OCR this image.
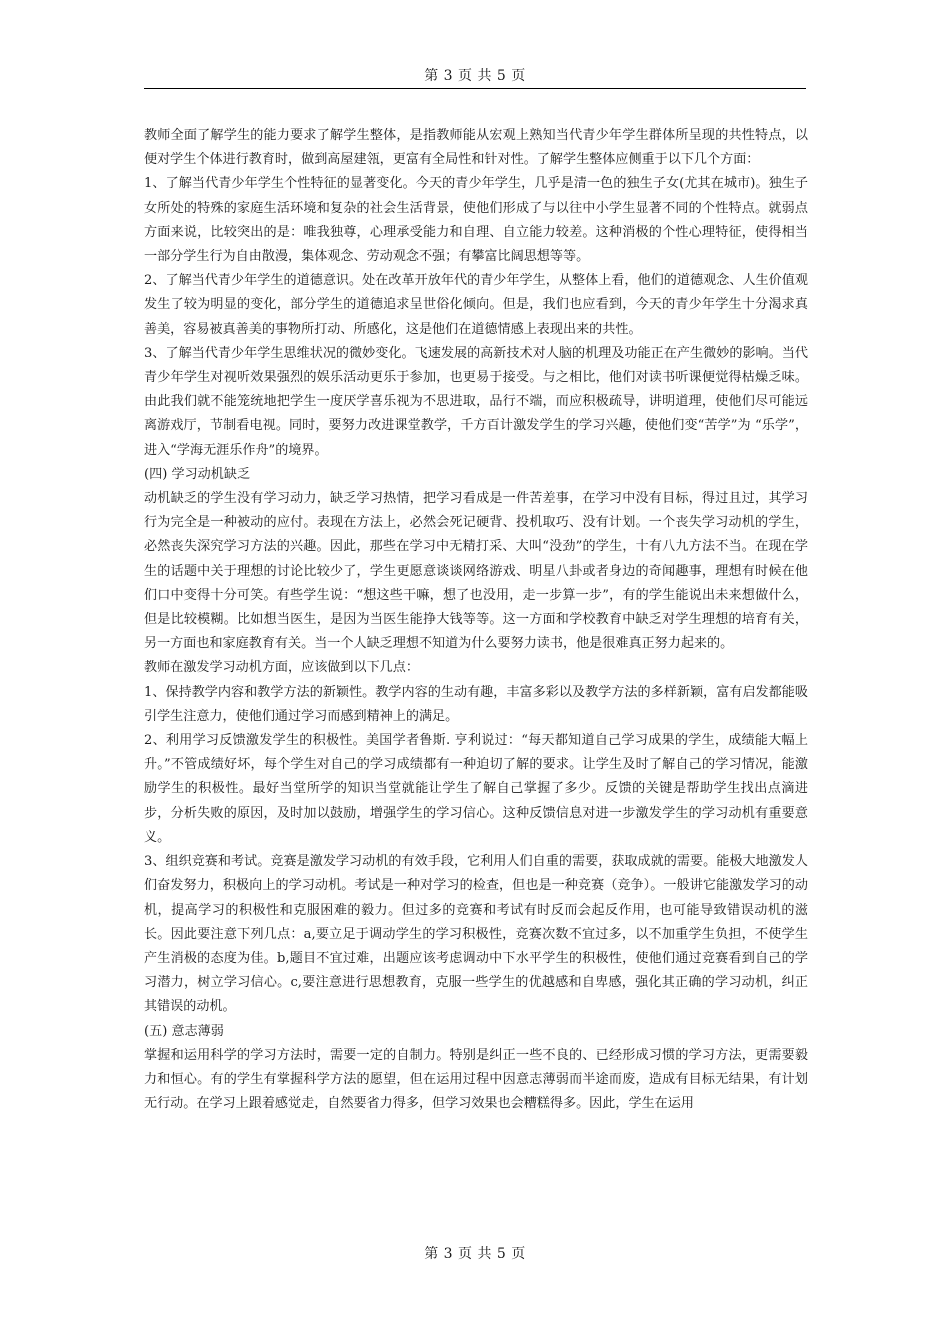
第 3 页 共 5 页

教师全面了解学生的能力要求了解学生整体，是指教师能从宏观上熟知当代青少年学生群体所呈现的共性特点，以便对学生个体进行教育时，做到高屋建瓴，更富有全局性和针对性。了解学生整体应侧重于以下几个方面：

1、了解当代青少年学生个性特征的显著变化。今天的青少年学生，几乎是清一色的独生子女(尤其在城市)。独生子女所处的特殊的家庭生活环境和复杂的社会生活背景，使他们形成了与以往中小学生显著不同的个性特点。就弱点方面来说，比较突出的是：唯我独尊，心理承受能力和自理、自立能力较差。这种消极的个性心理特征，使得相当一部分学生行为自由散漫，集体观念、劳动观念不强；有攀富比阔思想等等。

2、了解当代青少年学生的道德意识。处在改革开放年代的青少年学生，从整体上看，他们的道德观念、人生价值观发生了较为明显的变化，部分学生的道德追求呈世俗化倾向。但是，我们也应看到，今天的青少年学生十分渴求真善美，容易被真善美的事物所打动、所感化，这是他们在道德情感上表现出来的共性。

3、了解当代青少年学生思维状况的微妙变化。飞速发展的高新技术对人脑的机理及功能正在产生微妙的影响。当代青少年学生对视听效果强烈的娱乐活动更乐于参加，也更易于接受。与之相比，他们对读书听课便觉得枯燥乏味。由此我们就不能笼统地把学生一度厌学喜乐视为不思进取，品行不端，而应积极疏导，讲明道理，使他们尽可能远离游戏厅，节制看电视。同时，要努力改进课堂教学，千方百计激发学生的学习兴趣，使他们变“苦学”为 “乐学”，进入“学海无涯乐作舟”的境界。

(四) 学习动机缺乏

动机缺乏的学生没有学习动力，缺乏学习热情，把学习看成是一件苦差事，在学习中没有目标，得过且过，其学习行为完全是一种被动的应付。表现在方法上，必然会死记硬背、投机取巧、没有计划。一个丧失学习动机的学生，必然丧失深究学习方法的兴趣。因此，那些在学习中无精打采、大叫“没劲”的学生，十有八九方法不当。在现在学生的话题中关于理想的讨论比较少了，学生更愿意谈谈网络游戏、明星八卦或者身边的奇闻趣事，理想有时候在他们口中变得十分可笑。有些学生说：“想这些干嘛，想了也没用，走一步算一步”，有的学生能说出未来想做什么，但是比较模糊。比如想当医生，是因为当医生能挣大钱等等。这一方面和学校教育中缺乏对学生理想的培育有关，另一方面也和家庭教育有关。当一个人缺乏理想不知道为什么要努力读书，他是很难真正努力起来的。

教师在激发学习动机方面，应该做到以下几点：

1、保持教学内容和教学方法的新颖性。教学内容的生动有趣，丰富多彩以及教学方法的多样新颖，富有启发都能吸引学生注意力，使他们通过学习而感到精神上的满足。

2、利用学习反馈激发学生的积极性。美国学者鲁斯. 亨利说过：“每天都知道自己学习成果的学生，成绩能大幅上升。”不管成绩好坏，每个学生对自己的学习成绩都有一种迫切了解的要求。让学生及时了解自己的学习情况，能激励学生的积极性。最好当堂所学的知识当堂就能让学生了解自己掌握了多少。反馈的关键是帮助学生找出点滴进步，分析失败的原因，及时加以鼓励，增强学生的学习信心。这种反馈信息对进一步激发学生的学习动机有重要意义。

3、组织竞赛和考试。竞赛是激发学习动机的有效手段，它利用人们自重的需要，获取成就的需要。能极大地激发人们奋发努力，积极向上的学习动机。考试是一种对学习的检查，但也是一种竞赛（竞争）。一般讲它能激发学习的动机，提高学习的积极性和克服困难的毅力。但过多的竞赛和考试有时反而会起反作用，也可能导致错误动机的滋长。因此要注意下列几点：a,要立足于调动学生的学习积极性，竞赛次数不宜过多，以不加重学生负担，不使学生产生消极的态度为佳。b,题目不宜过难，出题应该考虑调动中下水平学生的积极性，使他们通过竞赛看到自己的学习潜力，树立学习信心。c,要注意进行思想教育，克服一些学生的优越感和自卑感，强化其正确的学习动机，纠正其错误的动机。

(五) 意志薄弱

掌握和运用科学的学习方法时，需要一定的自制力。特别是纠正一些不良的、已经形成习惯的学习方法，更需要毅力和恒心。有的学生有掌握科学方法的愿望，但在运用过程中因意志薄弱而半途而废，造成有目标无结果，有计划无行动。在学习上跟着感觉走，自然要省力得多，但学习效果也会糟糕得多。因此，学生在运用

第 3 页 共 5 页
